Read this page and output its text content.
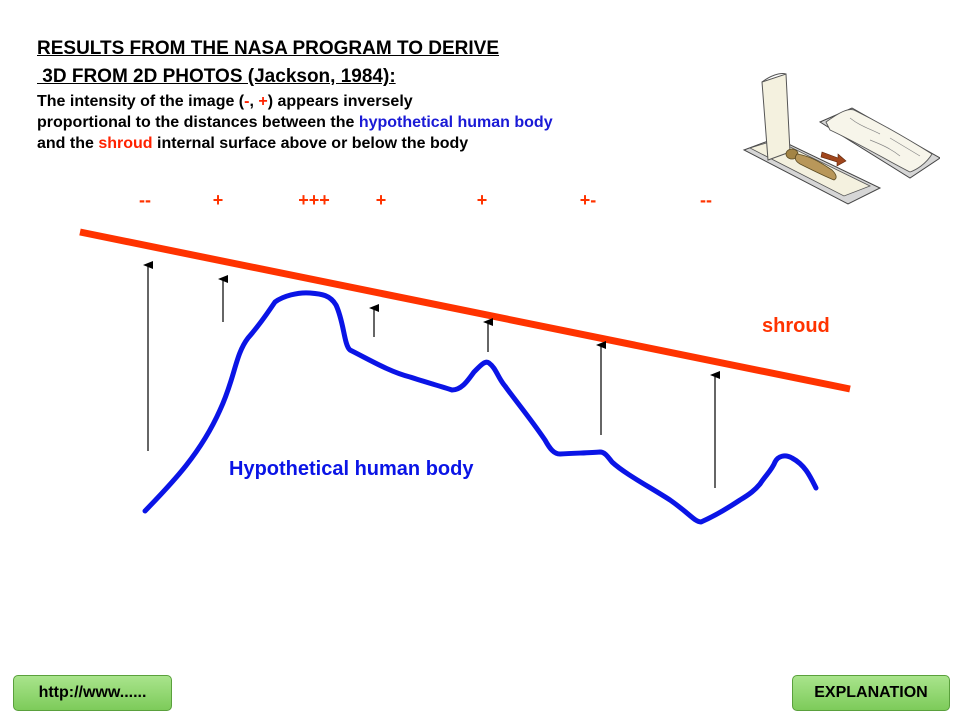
RESULTS FROM THE NASA PROGRAM TO DERIVE
3D FROM 2D PHOTOS (Jackson, 1984):

The intensity of the image (-, +) appears inversely
proportional to the distances between the hypothetical human body
and the shroud internal surface above or below the body

--	+	+++	+	+	+-	--
shroud
Hypothetical human body
http://www......	EXPLANATION
